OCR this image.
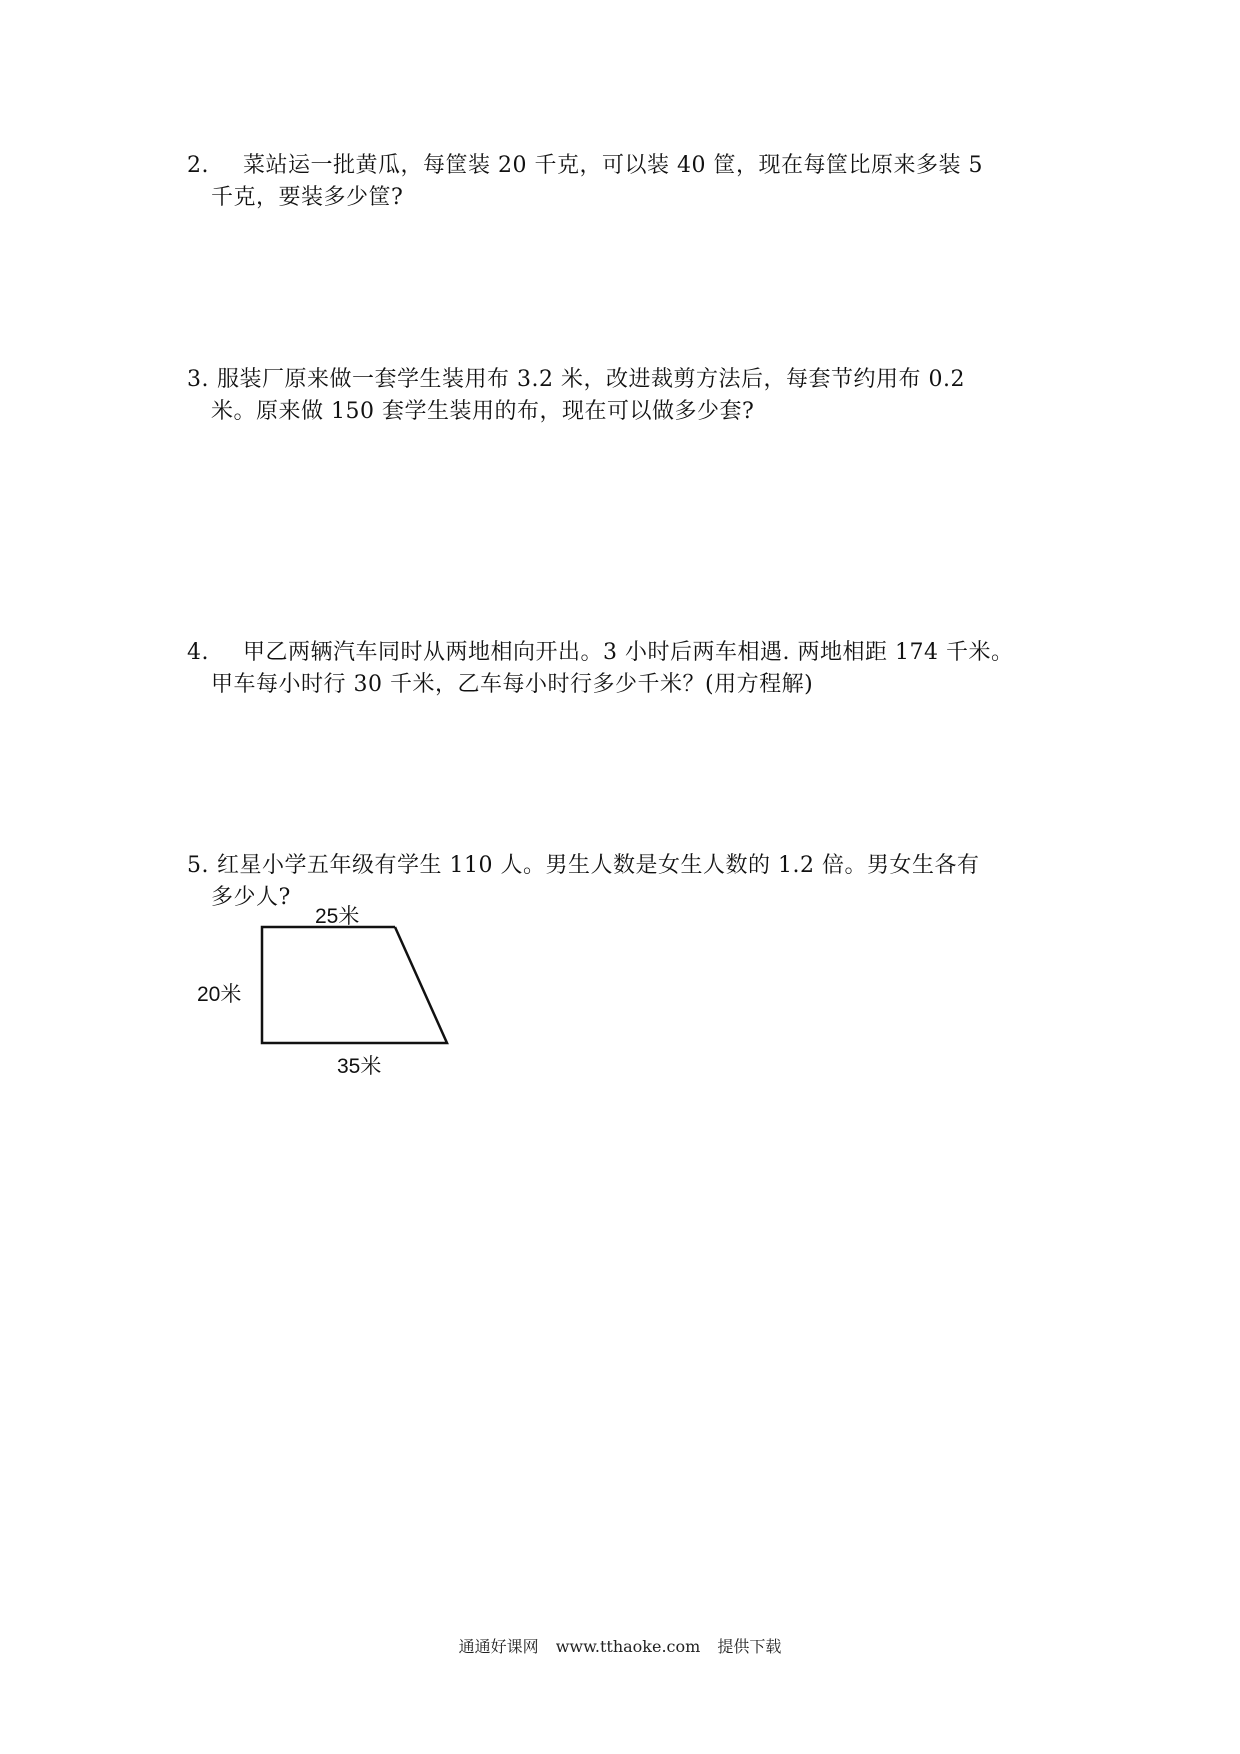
2. 菜站运一批黄瓜，每筐装 20 千克，可以装 40 筐，现在每筐比原来多装 5
千克，要装多少筐?
3. 服装厂原来做一套学生装用布 3.2 米，改进裁剪方法后，每套节约用布 0.2
米。原来做 150 套学生装用的布，现在可以做多少套?
4. 甲乙两辆汽车同时从两地相向开出。3 小时后两车相遇. 两地相距 174 千米。
甲车每小时行 30 千米，乙车每小时行多少千米？(用方程解)
5. 红星小学五年级有学生 110 人。男生人数是女生人数的 1.2 倍。男女生各有
多少人?
25米
20米
35米
通通好课网 www.tthaoke.com 提供下载
